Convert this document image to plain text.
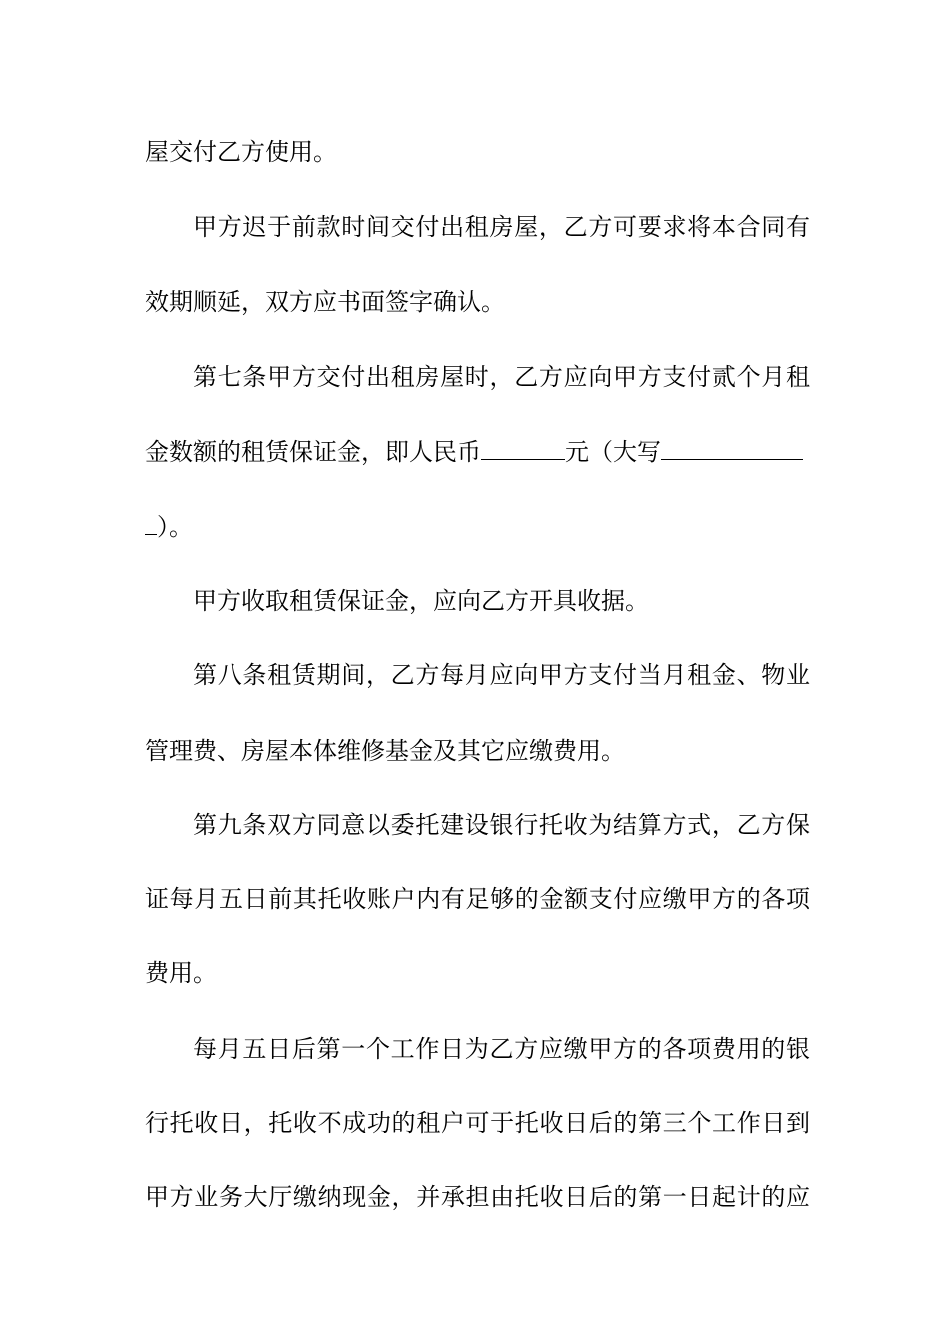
屋交付乙方使用。
甲方迟于前款时间交付出租房屋，乙方可要求将本合同有
效期顺延，双方应书面签字确认。
第七条甲方交付出租房屋时，乙方应向甲方支付贰个月租
金数额的租赁保证金，即人民币	元（大写
）。
甲方收取租赁保证金，应向乙方开具收据。
第八条租赁期间，乙方每月应向甲方支付当月租金、物业
管理费、房屋本体维修基金及其它应缴费用。
第九条双方同意以委托建设银行托收为结算方式，乙方保
证每月五日前其托收账户内有足够的金额支付应缴甲方的各项
费用。
每月五日后第一个工作日为乙方应缴甲方的各项费用的银
行托收日，托收不成功的租户可于托收日后的第三个工作日到
甲方业务大厅缴纳现金，并承担由托收日后的第一日起计的应
